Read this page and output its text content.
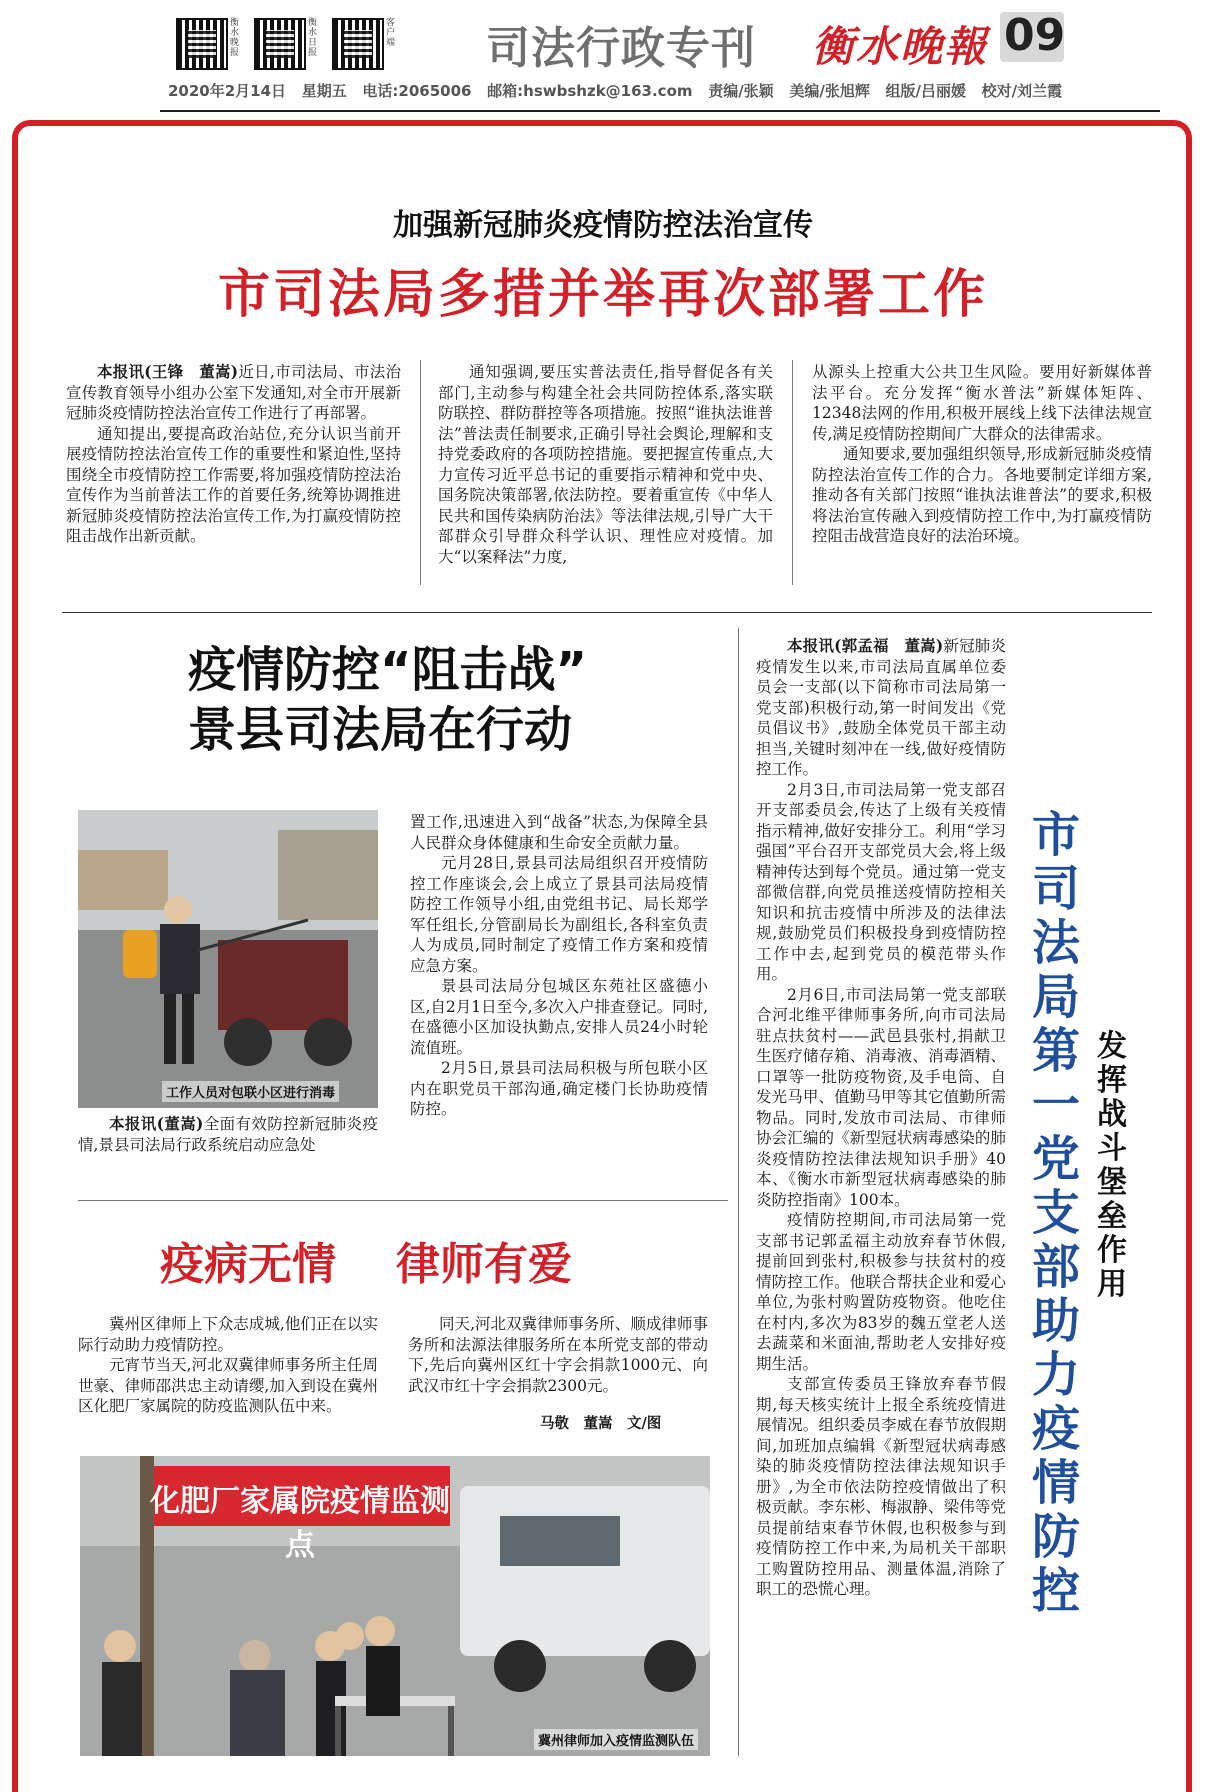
衡水晚报
衡水日报
客户端 司法行政专刊 衡水晚報 09
2020年2月14日 星期五 电话:2065006 邮箱:hswbshzk@163.com 责编/张颖 美编/张旭辉 组版/吕丽媛 校对/刘兰霞
加强新冠肺炎疫情防控法治宣传
市司法局多措并举再次部署工作

本报讯(王锋　董嵩)近日,市司法局、市法治宣传教育领导小组办公室下发通知,对全市开展新冠肺炎疫情防控法治宣传工作进行了再部署。

通知提出,要提高政治站位,充分认识当前开展疫情防控法治宣传工作的重要性和紧迫性,坚持围绕全市疫情防控工作需要,将加强疫情防控法治宣传作为当前普法工作的首要任务,统筹协调推进新冠肺炎疫情防控法治宣传工作,为打赢疫情防控阻击战作出新贡献。

通知强调,要压实普法责任,指导督促各有关部门,主动参与构建全社会共同防控体系,落实联防联控、群防群控等各项措施。按照“谁执法谁普法”普法责任制要求,正确引导社会舆论,理解和支持党委政府的各项防控措施。要把握宣传重点,大力宣传习近平总书记的重要指示精神和党中央、国务院决策部署,依法防控。要着重宣传《中华人民共和国传染病防治法》等法律法规,引导广大干部群众引导群众科学认识、理性应对疫情。加大“以案释法”力度,

从源头上控重大公共卫生风险。要用好新媒体普法平台。充分发挥“衡水普法”新媒体矩阵、12348法网的作用,积极开展线上线下法律法规宣传,满足疫情防控期间广大群众的法律需求。

通知要求,要加强组织领导,形成新冠肺炎疫情防控法治宣传工作的合力。各地要制定详细方案,推动各有关部门按照“谁执法谁普法”的要求,积极将法治宣传融入到疫情防控工作中,为打赢疫情防控阻击战营造良好的法治环境。

疫情防控“阻击战”
景县司法局在行动
工作人员对包联小区进行消毒

本报讯(董嵩)全面有效防控新冠肺炎疫情,景县司法局行政系统启动应急处

置工作,迅速进入到“战备”状态,为保障全县人民群众身体健康和生命安全贡献力量。

元月28日,景县司法局组织召开疫情防控工作座谈会,会上成立了景县司法局疫情防控工作领导小组,由党组书记、局长郑学军任组长,分管副局长为副组长,各科室负责人为成员,同时制定了疫情工作方案和疫情应急方案。

景县司法局分包城区东苑社区盛德小区,自2月1日至今,多次入户排查登记。同时,在盛德小区加设执勤点,安排人员24小时轮流值班。

2月5日,景县司法局积极与所包联小区内在职党员干部沟通,确定楼门长协助疫情防控。

疫病无情 律师有爱

冀州区律师上下众志成城,他们正在以实际行动助力疫情防控。

元宵节当天,河北双冀律师事务所主任周世豪、律师邵洪忠主动请缨,加入到设在冀州区化肥厂家属院的防疫监测队伍中来。

同天,河北双冀律师事务所、顺成律师事务所和法源法律服务所在本所党支部的带动下,先后向冀州区红十字会捐款1000元、向武汉市红十字会捐款2300元。

马敬　董嵩　文/图
化肥厂家属院疫情监测点
冀州律师加入疫情监测队伍

本报讯(郭孟福　董嵩)新冠肺炎疫情发生以来,市司法局直属单位委员会一支部(以下简称市司法局第一党支部)积极行动,第一时间发出《党员倡议书》,鼓励全体党员干部主动担当,关键时刻冲在一线,做好疫情防控工作。

2月3日,市司法局第一党支部召开支部委员会,传达了上级有关疫情指示精神,做好安排分工。利用“学习强国”平台召开支部党员大会,将上级精神传达到每个党员。通过第一党支部微信群,向党员推送疫情防控相关知识和抗击疫情中所涉及的法律法规,鼓励党员们积极投身到疫情防控工作中去,起到党员的模范带头作用。

2月6日,市司法局第一党支部联合河北维平律师事务所,向市司法局驻点扶贫村——武邑县张村,捐献卫生医疗储存箱、消毒液、消毒酒精、口罩等一批防疫物资,及手电筒、自发光马甲、值勤马甲等其它值勤所需物品。同时,发放市司法局、市律师协会汇编的《新型冠状病毒感染的肺炎疫情防控法律法规知识手册》40本、《衡水市新型冠状病毒感染的肺炎防控指南》100本。

疫情防控期间,市司法局第一党支部书记郭孟福主动放弃春节休假,提前回到张村,积极参与扶贫村的疫情防控工作。他联合帮扶企业和爱心单位,为张村购置防疫物资。他吃住在村内,多次为83岁的魏五堂老人送去蔬菜和米面油,帮助老人安排好疫期生活。

支部宣传委员王锋放弃春节假期,每天核实统计上报全系统疫情进展情况。组织委员李威在春节放假期间,加班加点编辑《新型冠状病毒感染的肺炎疫情防控法律法规知识手册》,为全市依法防控疫情做出了积极贡献。李东彬、梅淑静、梁伟等党员提前结束春节休假,也积极参与到疫情防控工作中来,为局机关干部职工购置防控用品、测量体温,消除了职工的恐慌心理。

市司法局第一党支部助力疫情防控
发挥战斗堡垒作用
